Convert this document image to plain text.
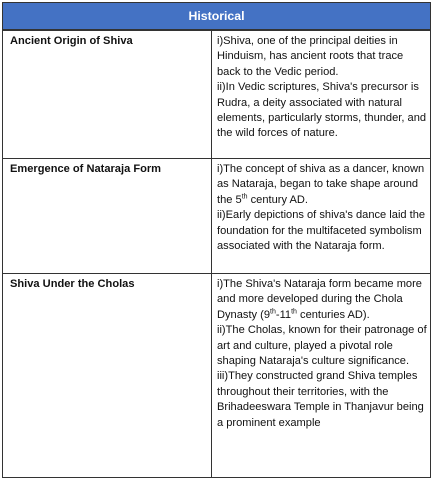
Historical	
Ancient Origin of Shiva	i)Shiva, one of the principal deities in Hinduism, has ancient roots that trace back to the Vedic period.
ii)In Vedic scriptures, Shiva's precursor is Rudra, a deity associated with natural elements, particularly storms, thunder, and the wild forces of nature.

Emergence of Nataraja Form	i)The concept of shiva as a dancer, known as Nataraja, began to take shape around the 5th century AD.
ii)Early depictions of shiva's dance laid the foundation for the multifaceted symbolism associated with the Nataraja form.

Shiva Under the Cholas	i)The Shiva's Nataraja form became more and more developed during the Chola Dynasty (9th-11th centuries AD).
ii)The Cholas, known for their patronage of art and culture, played a pivotal role shaping Nataraja's culture significance.
iii)They constructed grand Shiva temples throughout their territories, with the Brihadeeswara Temple in Thanjavur being a prominent example
